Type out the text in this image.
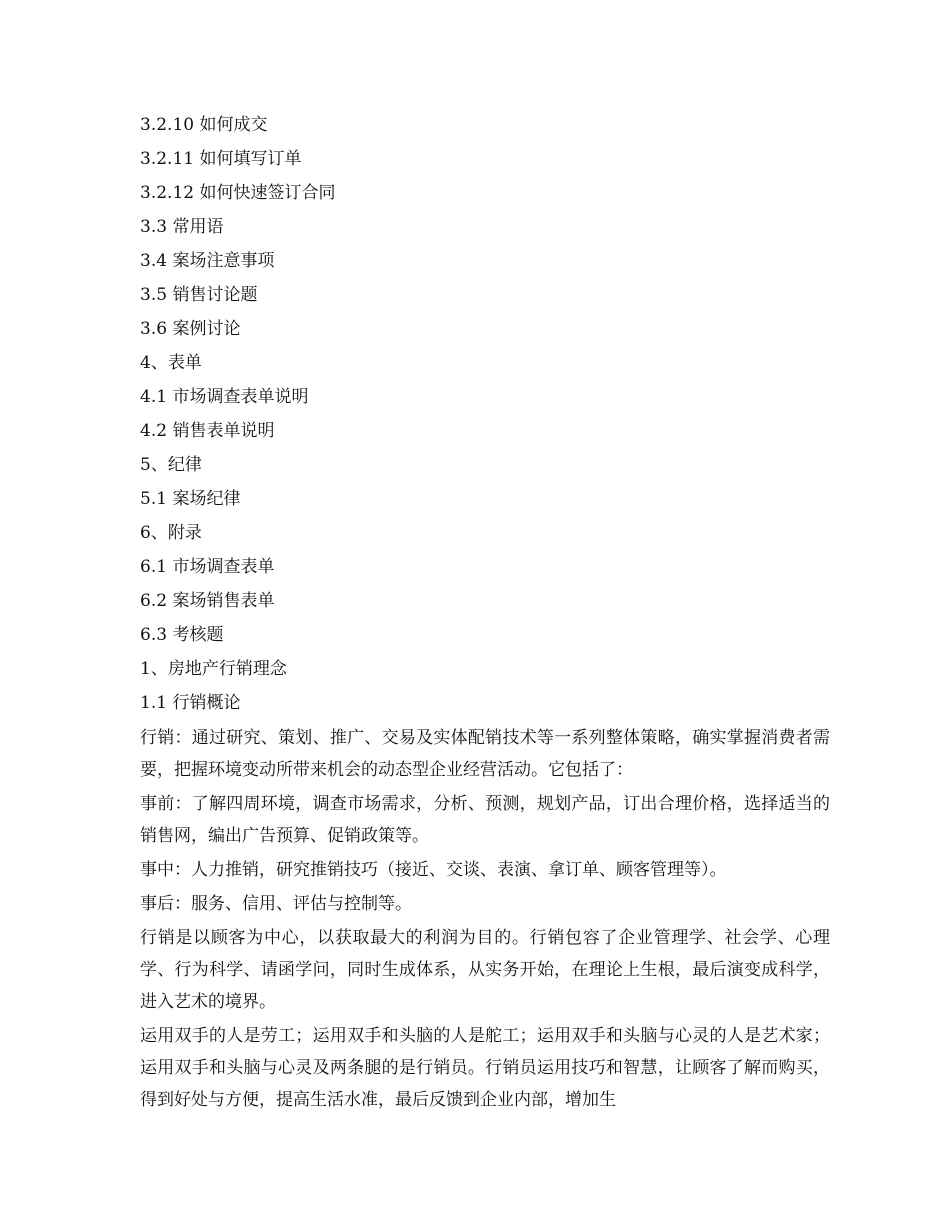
3.2.10 如何成交
3.2.11 如何填写订单
3.2.12 如何快速签订合同
3.3 常用语
3.4 案场注意事项
3.5 销售讨论题
3.6 案例讨论
4、表单
4.1 市场调查表单说明
4.2 销售表单说明
5、纪律
5.1 案场纪律
6、附录
6.1 市场调查表单
6.2 案场销售表单
6.3 考核题
1、房地产行销理念
1.1 行销概论

行销：通过研究、策划、推广、交易及实体配销技术等一系列整体策略，确实掌握消费者需要，把握环境变动所带来机会的动态型企业经营活动。它包括了：

事前：了解四周环境，调查市场需求，分析、预测，规划产品，订出合理价格，选择适当的销售网，编出广告预算、促销政策等。

事中：人力推销，研究推销技巧（接近、交谈、表演、拿订单、顾客管理等）。

事后：服务、信用、评估与控制等。

行销是以顾客为中心，以获取最大的利润为目的。行销包容了企业管理学、社会学、心理学、行为科学、请函学问，同时生成体系，从实务开始，在理论上生根，最后演变成科学，进入艺术的境界。

运用双手的人是劳工；运用双手和头脑的人是舵工；运用双手和头脑与心灵的人是艺术家；运用双手和头脑与心灵及两条腿的是行销员。行销员运用技巧和智慧，让顾客了解而购买，得到好处与方便，提高生活水准，最后反馈到企业内部，增加生
